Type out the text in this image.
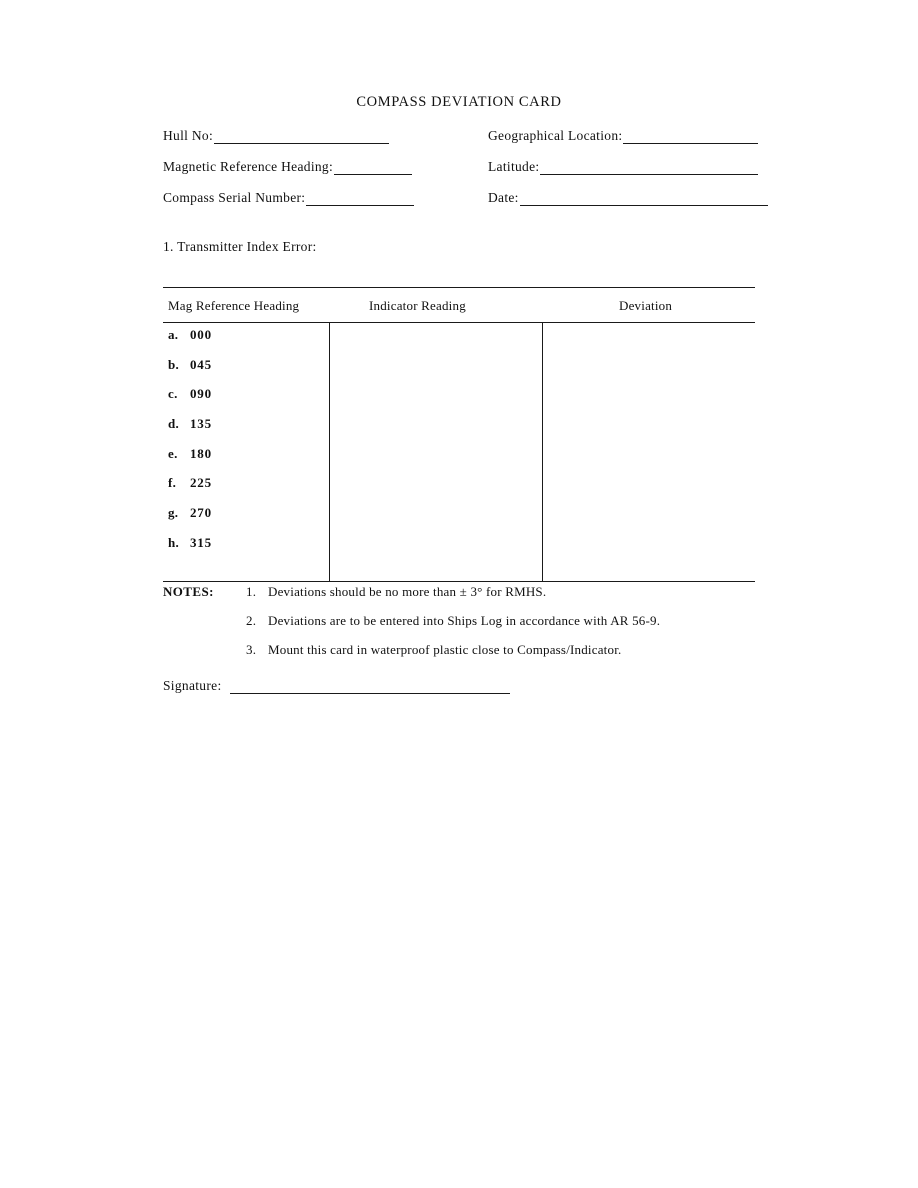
COMPASS DEVIATION CARD
Hull No:	Geographical Location:
Magnetic Reference Heading:	Latitude:
Compass Serial Number:	Date:
1. Transmitter Index Error:
Mag Reference Heading	Indicator Reading	Deviation
a. 000
b. 045
c. 090
d. 135
e. 180
f. 225
g. 270
h. 315
NOTES: 1. Deviations should be no more than ± 3° for RMHS.
2. Deviations are to be entered into Ships Log in accordance with AR 56-9.
3. Mount this card in waterproof plastic close to Compass/Indicator.
Signature:
